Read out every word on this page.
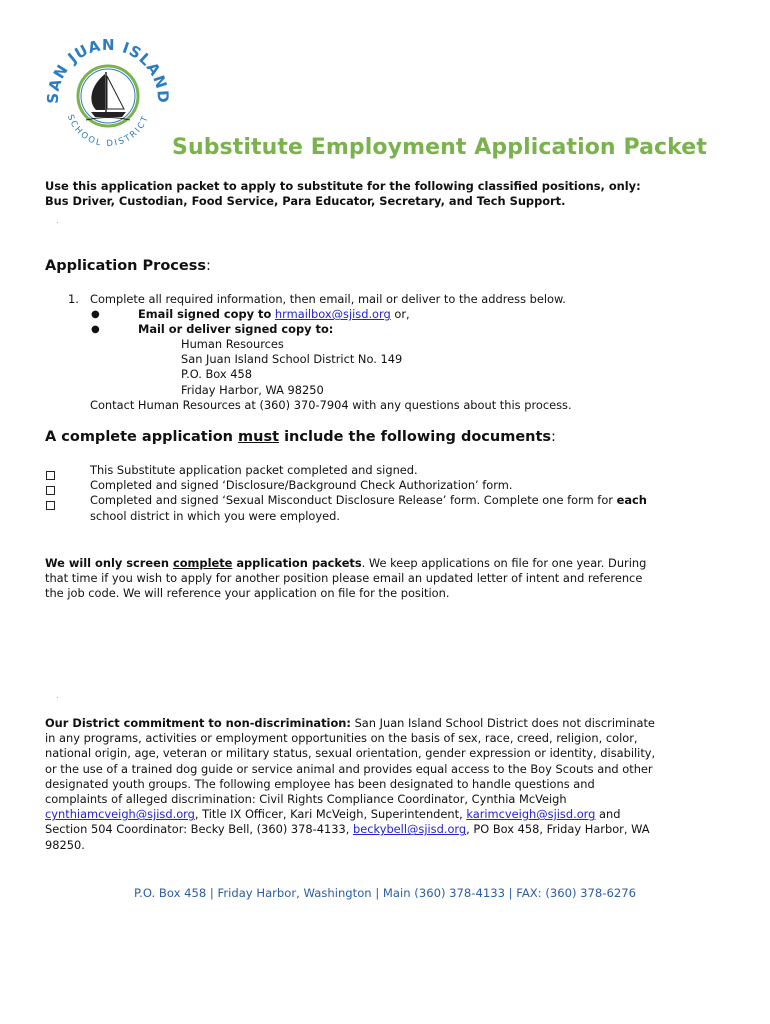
SAN JUAN ISLAND
SCHOOL DISTRICT
Substitute Employment Application Packet
Use this application packet to apply to substitute for the following classified positions, only:
Bus Driver, Custodian, Food Service, Para Educator, Secretary, and Tech Support.
Application Process:
1. Complete all required information, then email, mail or deliver to the address below.
●	Email signed copy to hrmailbox@sjisd.org or,
●	Mail or deliver signed copy to:
Human Resources
San Juan Island School District No. 149
P.O. Box 458
Friday Harbor, WA 98250
Contact Human Resources at (360) 370-7904 with any questions about this process.
A complete application must include the following documents:
This Substitute application packet completed and signed.
Completed and signed ‘Disclosure/Background Check Authorization’ form.
Completed and signed ‘Sexual Misconduct Disclosure Release’ form. Complete one form for each
school district in which you were employed.
We will only screen complete application packets. We keep applications on file for one year. During
that time if you wish to apply for another position please email an updated letter of intent and reference
the job code. We will reference your application on file for the position.
Our District commitment to non-discrimination: San Juan Island School District does not discriminate
in any programs, activities or employment opportunities on the basis of sex, race, creed, religion, color,
national origin, age, veteran or military status, sexual orientation, gender expression or identity, disability,
or the use of a trained dog guide or service animal and provides equal access to the Boy Scouts and other
designated youth groups. The following employee has been designated to handle questions and
complaints of alleged discrimination: Civil Rights Compliance Coordinator, Cynthia McVeigh
cynthiamcveigh@sjisd.org, Title IX Officer, Kari McVeigh, Superintendent, karimcveigh@sjisd.org and
Section 504 Coordinator: Becky Bell, (360) 378-4133, beckybell@sjisd.org, PO Box 458, Friday Harbor, WA
98250.
P.O. Box 458 | Friday Harbor, Washington | Main (360) 378-4133 | FAX: (360) 378-6276
